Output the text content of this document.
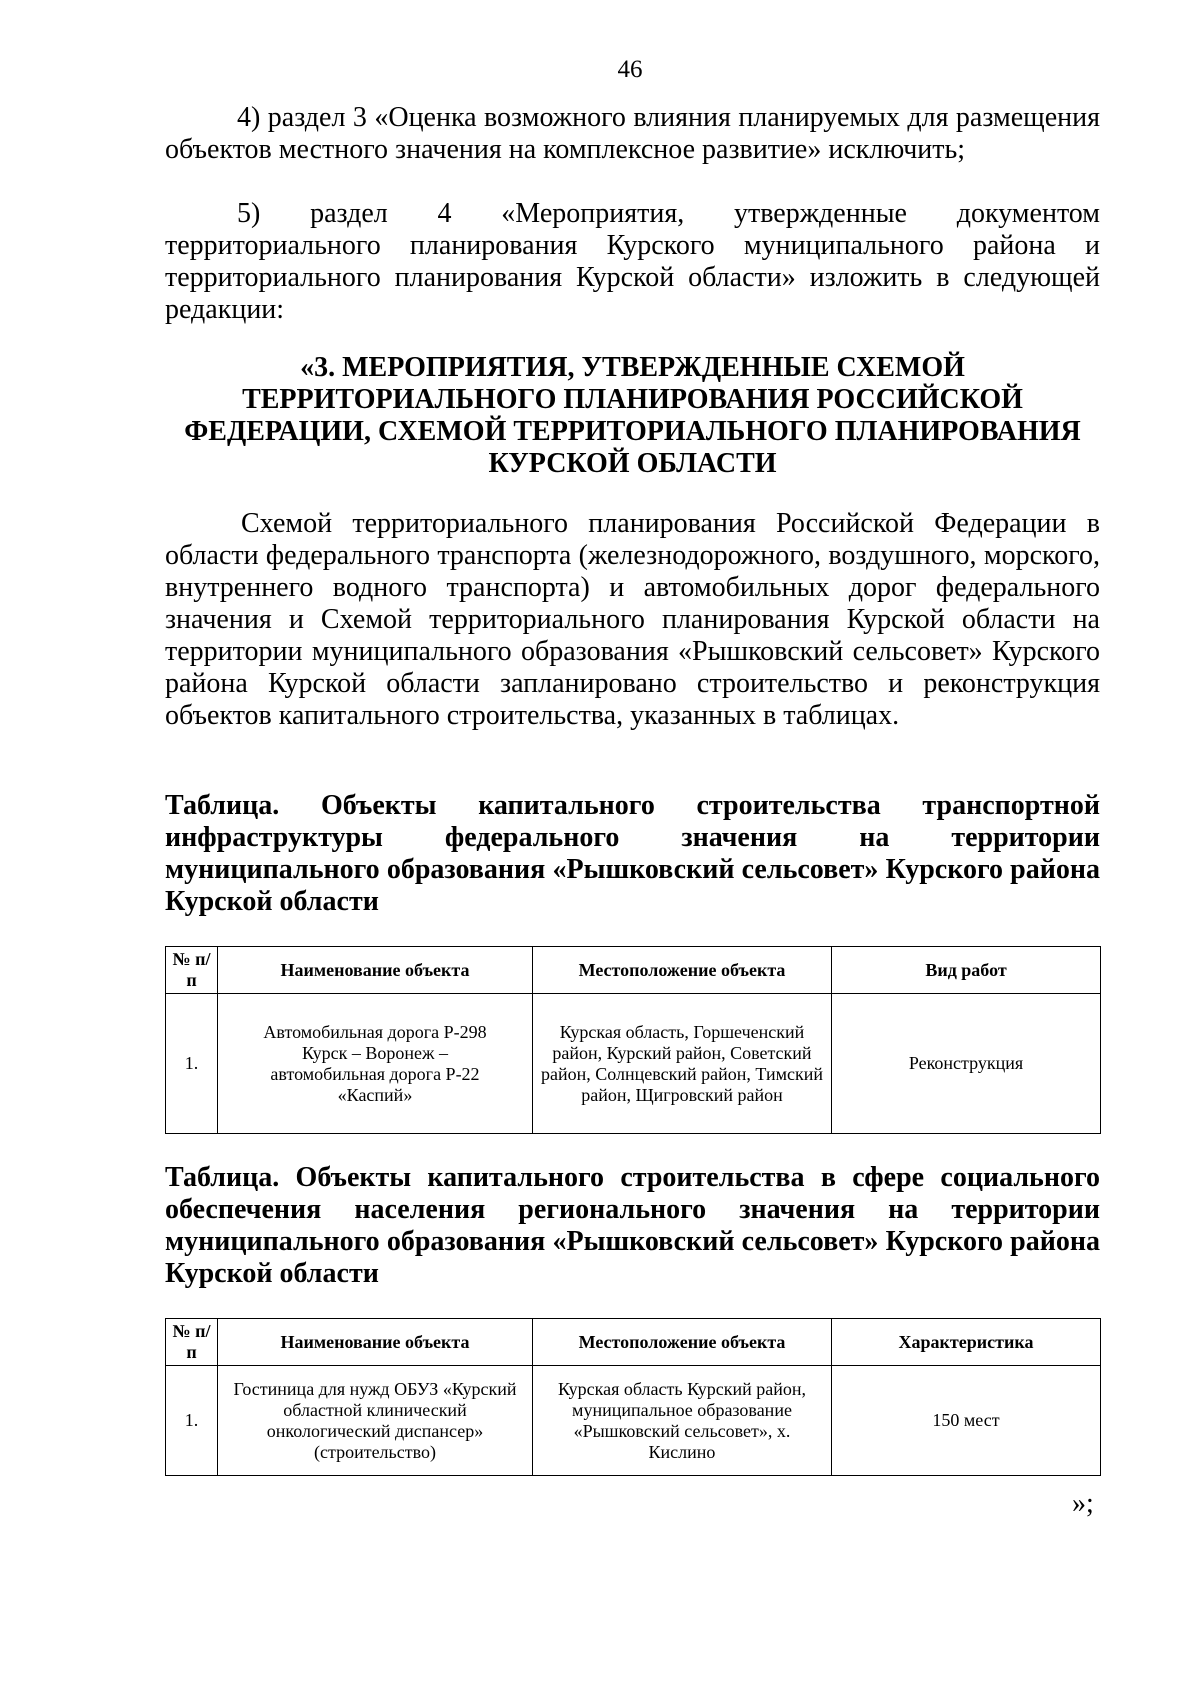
46

4) раздел 3 «Оценка возможного влияния планируемых для размещения объектов местного значения на комплексное развитие» исключить;

5) раздел 4 «Мероприятия, утвержденные документом территориального планирования Курского муниципального района и территориального планирования Курской области» изложить в следующей редакции:

«3. МЕРОПРИЯТИЯ, УТВЕРЖДЕННЫЕ СХЕМОЙ ТЕРРИТОРИАЛЬНОГО ПЛАНИРОВАНИЯ РОССИЙСКОЙ ФЕДЕРАЦИИ, СХЕМОЙ ТЕРРИТОРИАЛЬНОГО ПЛАНИРОВАНИЯ КУРСКОЙ ОБЛАСТИ

Схемой территориального планирования Российской Федерации в области федерального транспорта (железнодорожного, воздушного, морского, внутреннего водного транспорта) и автомобильных дорог федерального значения и Схемой территориального планирования Курской области на территории муниципального образования «Рышковский сельсовет» Курского района Курской области запланировано строительство и реконструкция объектов капитального строительства, указанных в таблицах.

Таблица. Объекты капитального строительства транспортной инфраструктуры федерального значения на территории муниципального образования «Рышковский сельсовет» Курского района Курской области

№ п/п	Наименование объекта	Местоположение объекта	Вид работ
1.	Автомобильная дорога Р-298 Курск – Воронеж – автомобильная дорога Р-22 «Каспий»	Курская область, Горшеченский район, Курский район, Советский район, Солнцевский район, Тимский район, Щигровский район	Реконструкция

Таблица. Объекты капитального строительства в сфере социального обеспечения населения регионального значения на территории муниципального образования «Рышковский сельсовет» Курского района Курской области

№ п/п	Наименование объекта	Местоположение объекта	Характеристика
1.	Гостиница для нужд ОБУЗ «Курский областной клинический онкологический диспансер» (строительство)	Курская область Курский район, муниципальное образование «Рышковский сельсовет», х. Кислино	150 мест
»;
